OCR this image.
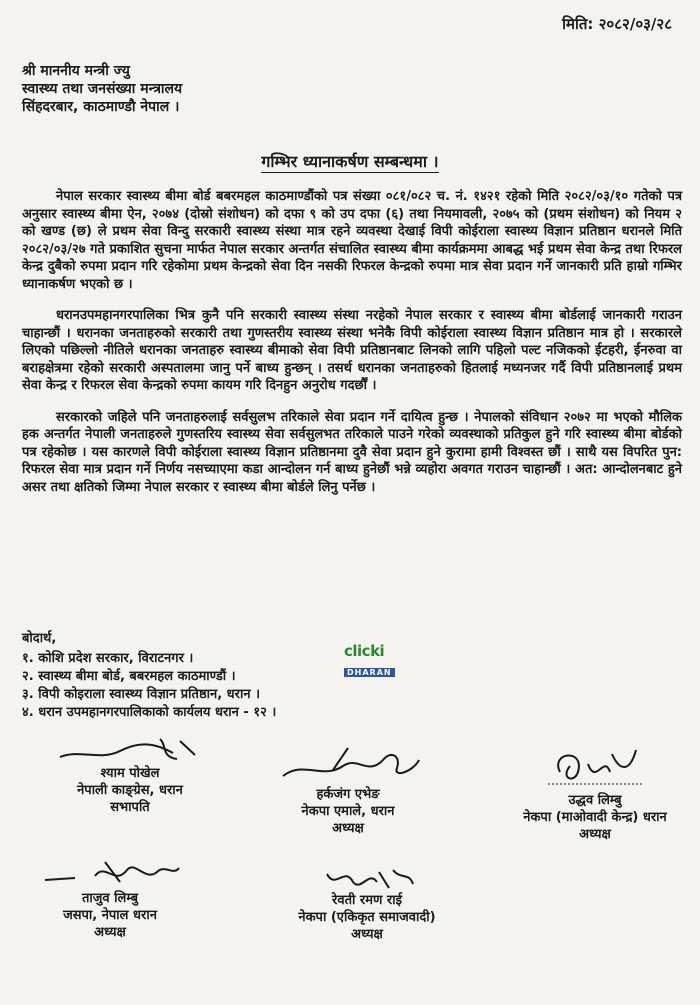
मिति: २०८२/०३/२८
श्री माननीय मन्त्री ज्यु
स्वास्थ्य तथा जनसंख्या मन्त्रालय
सिंहदरबार, काठमाण्डौ नेपाल ।
गम्भिर ध्यानाकर्षण सम्बन्धमा ।

नेपाल सरकार स्वास्थ्य बीमा बोर्ड बबरमहल काठमाण्डौंको पत्र संख्या ०८१/०८२ च. नं. १४२१ रहेको मिति २०८२/०३/१० गतेको पत्र अनुसार स्वास्थ्य बीमा ऐन, २०७४ (दोस्रो संशोधन) को दफा ९ को उप दफा (६) तथा नियमावली, २०७५ को (प्रथम संशोधन) को नियम २ को खण्ड (छ) ले प्रथम सेवा विन्दु सरकारी स्वास्थ्य संस्था मात्र रहने व्यवस्था देखाई विपी कोईराला स्वास्थ्य विज्ञान प्रतिष्ठान धरानले मिति २०८२/०३/२७ गते प्रकाशित सुचना मार्फत नेपाल सरकार अन्तर्गत संचालित स्वास्थ्य बीमा कार्यक्रममा आबद्ध भई प्रथम सेवा केन्द्र तथा रिफरल केन्द्र दुबैको रुपमा प्रदान गरि रहेकोमा प्रथम केन्द्रको सेवा दिन नसकी रिफरल केन्द्रको रुपमा मात्र सेवा प्रदान गर्ने जानकारी प्रति हाम्रो गम्भिर ध्यानाकर्षण भएको छ ।

धरानउपमहानगरपालिका भित्र कुनै पनि सरकारी स्वास्थ्य संस्था नरहेको नेपाल सरकार र स्वास्थ्य बीमा बोर्डलाई जानकारी गराउन चाहान्छौं । धरानका जनताहरुको सरकारी तथा गुणस्तरीय स्वास्थ्य संस्था भनेकै विपी कोईराला स्वास्थ्य विज्ञान प्रतिष्ठान मात्र हो । सरकारले लिएको पछिल्लो नीतिले धरानका जनताहरु स्वास्थ्य बीमाको सेवा विपी प्रतिष्ठानबाट लिनको लागि पहिलो पल्ट नजिकको ईटहरी, ईनरुवा वा बराहक्षेत्रमा रहेको सरकारी अस्पतालमा जानु पर्ने बाध्य हुन्छन् । तसर्थ धरानका जनताहरुको हितलाई मध्यनजर गर्दै विपी प्रतिष्ठानलाई प्रथम सेवा केन्द्र र रिफरल सेवा केन्द्रको रुपमा कायम गरि दिनहुन अनुरोध गदर्छौं ।

सरकारको जहिले पनि जनताहरुलाई सर्वसुलभ तरिकाले सेवा प्रदान गर्ने दायित्व हुन्छ । नेपालको संविधान २०७२ मा भएको मौलिक हक अन्तर्गत नेपाली जनताहरुले गुणस्तरिय स्वास्थ्य सेवा सर्वसुलभत तरिकाले पाउने गरेको व्यवस्थाको प्रतिकुल हुने गरि स्वास्थ्य बीमा बोर्डको पत्र रहेकोछ । यस कारणले विपी कोईराला स्वास्थ्य विज्ञान प्रतिष्ठानमा दुवै सेवा प्रदान हुने कुरामा हामी विश्वस्त छौं । साथै यस विपरित पुन: रिफरल सेवा मात्र प्रदान गर्ने निर्णय नसच्याएमा कडा आन्दोलन गर्न बाध्य हुनेछौं भन्ने व्यहोरा अवगत गराउन चाहान्छौं । अत: आन्दोलनबाट हुने असर तथा क्षतिको जिम्मा नेपाल सरकार र स्वास्थ्य बीमा बोर्डले लिनु पर्नेछ ।

बोदार्थ,
१. कोशि प्रदेश सरकार, विराटनगर ।
२. स्वास्थ्य बीमा बोर्ड, बबरमहल काठमाण्डौं ।
३. विपी कोइराला स्वास्थ्य विज्ञान प्रतिष्ठान, धरान ।
४. धरान उपमहानगरपालिकाको कार्यलय धरान - १२ ।
clicki
DHARAN
श्याम पोखेल
नेपाली काङ्ग्रेस, धरान
सभापति
हर्कजंग एभेङ
नेकपा एमाले, धरान
अध्यक्ष
उद्धव लिम्बु
नेकपा (माओवादी केन्द्र) धरान
अध्यक्ष
ताजुव लिम्बु
जसपा, नेपाल धरान
अध्यक्ष
रेवती रमण राई
नेकपा (एकिकृत समाजवादी)
अध्यक्ष
